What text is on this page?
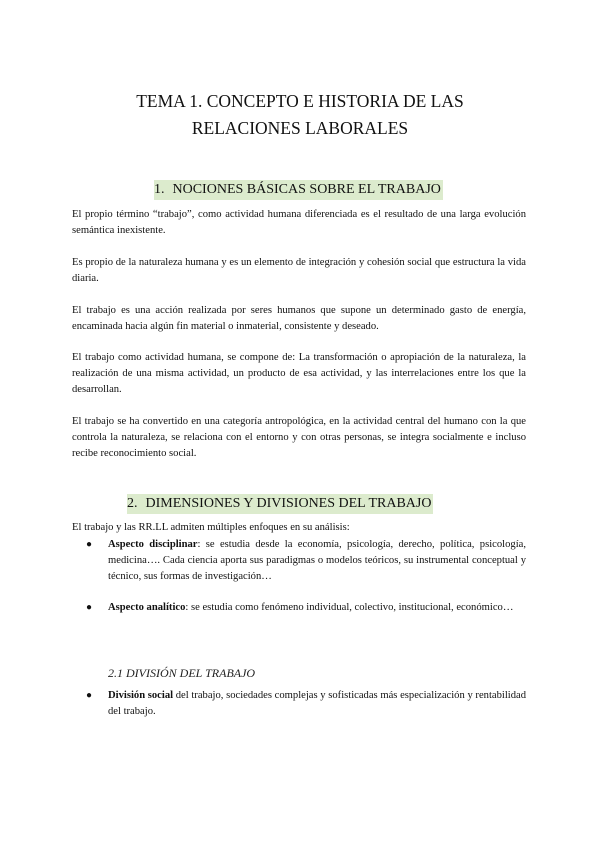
TEMA 1. CONCEPTO E HISTORIA DE LAS
RELACIONES LABORALES
1. NOCIONES BÁSICAS SOBRE EL TRABAJO

El propio término “trabajo”, como actividad humana diferenciada es el resultado de una larga evolución semántica inexistente.

Es propio de la naturaleza humana y es un elemento de integración y cohesión social que estructura la vida diaria.

El trabajo es una acción realizada por seres humanos que supone un determinado gasto de energía, encaminada hacia algún fin material o inmaterial, consistente y deseado.

El trabajo como actividad humana, se compone de: La transformación o apropiación de la naturaleza, la realización de una misma actividad, un producto de esa actividad, y las interrelaciones entre los que la desarrollan.

El trabajo se ha convertido en una categoría antropológica, en la actividad central del humano con la que controla la naturaleza, se relaciona con el entorno y con otras personas, se integra socialmente e incluso recibe reconocimiento social.

2. DIMENSIONES Y DIVISIONES DEL TRABAJO

El trabajo y las RR.LL admiten múltiples enfoques en su análisis:

● Aspecto disciplinar: se estudia desde la economía, psicología, derecho, política, psicología, medicina…. Cada ciencia aporta sus paradigmas o modelos teóricos, su instrumental conceptual y técnico, sus formas de investigación…
● Aspecto analítico: se estudia como fenómeno individual, colectivo, institucional, económico…
2.1 DIVISIÓN DEL TRABAJO
● División social del trabajo, sociedades complejas y sofisticadas más especialización y rentabilidad del trabajo.
